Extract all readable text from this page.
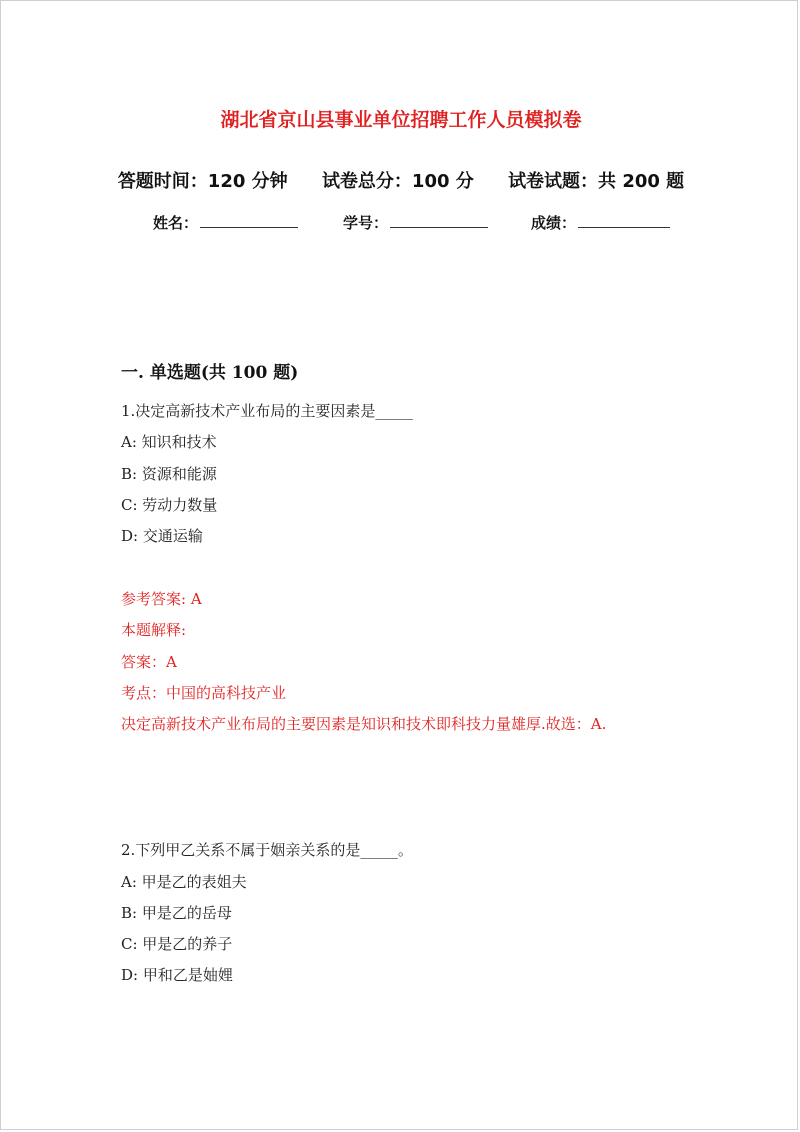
湖北省京山县事业单位招聘工作人员模拟卷
答题时间：120 分钟 试卷总分：100 分 试卷试题：共 200 题
姓名：	学号：	成绩：
一. 单选题(共 100 题)
1.决定高新技术产业布局的主要因素是_____
A: 知识和技术
B: 资源和能源
C: 劳动力数量
D: 交通运输
参考答案: A
本题解释:
答案：A
考点：中国的高科技产业
决定高新技术产业布局的主要因素是知识和技术即科技力量雄厚.故选：A.
2.下列甲乙关系不属于姻亲关系的是_____。
A: 甲是乙的表姐夫
B: 甲是乙的岳母
C: 甲是乙的养子
D: 甲和乙是妯娌
